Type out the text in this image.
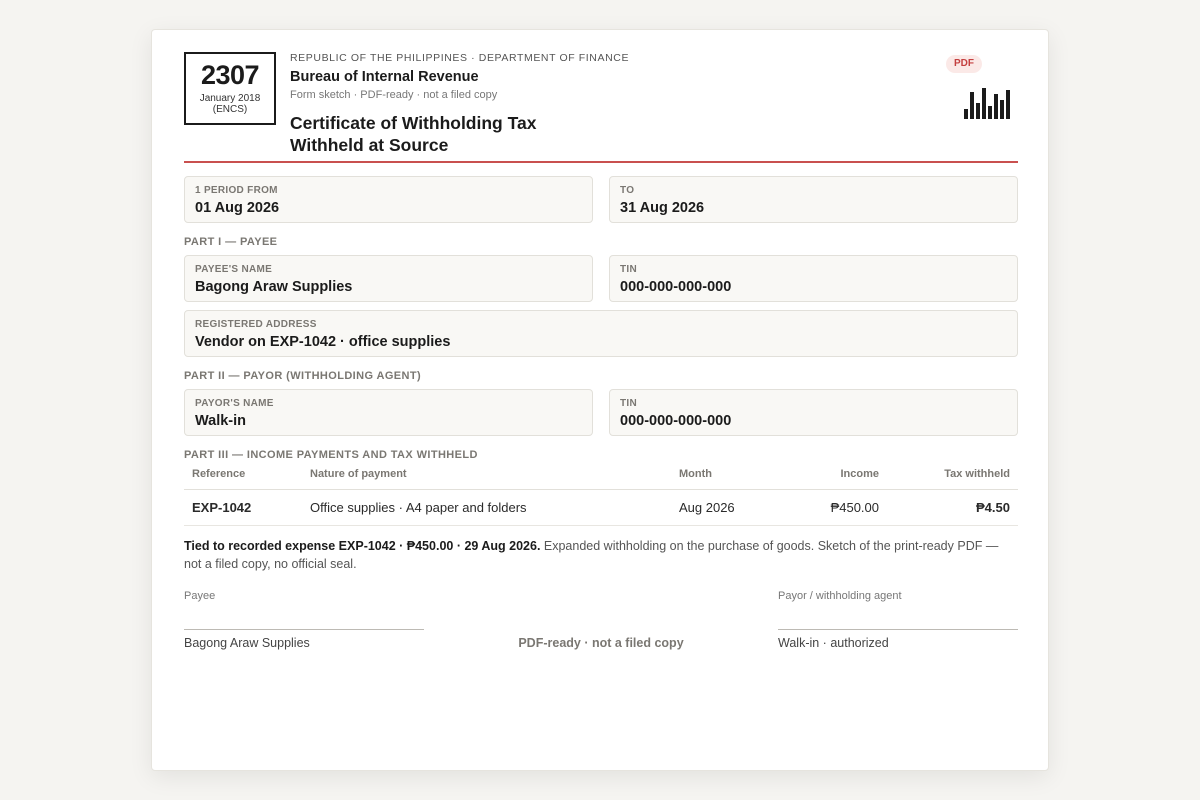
2307
January 2018 (ENCS)
REPUBLIC OF THE PHILIPPINES · DEPARTMENT OF FINANCE
Bureau of Internal Revenue
Form sketch · PDF-ready · not a filed copy
Certificate of Withholding Tax Withheld at Source
PDF
1 PERIOD FROM
01 Aug 2026
TO
31 Aug 2026
PART I — PAYEE
PAYEE'S NAME
Bagong Araw Supplies
TIN
000-000-000-000
REGISTERED ADDRESS
Vendor on EXP-1042 · office supplies
PART II — PAYOR (WITHHOLDING AGENT)
PAYOR'S NAME
Walk-in
TIN
000-000-000-000
PART III — INCOME PAYMENTS AND TAX WITHHELD
Reference	Nature of payment	Month	Income	Tax withheld
EXP-1042	Office supplies · A4 paper and folders	Aug 2026	₱450.00	₱4.50
Tied to recorded expense EXP-1042 · ₱450.00 · 29 Aug 2026. Expanded withholding on the purchase of goods. Sketch of the print-ready PDF — not a filed copy, no official seal.
Payee
Bagong Araw Supplies	PDF-ready · not a filed copy
Payor / withholding agent
Walk-in · authorized
